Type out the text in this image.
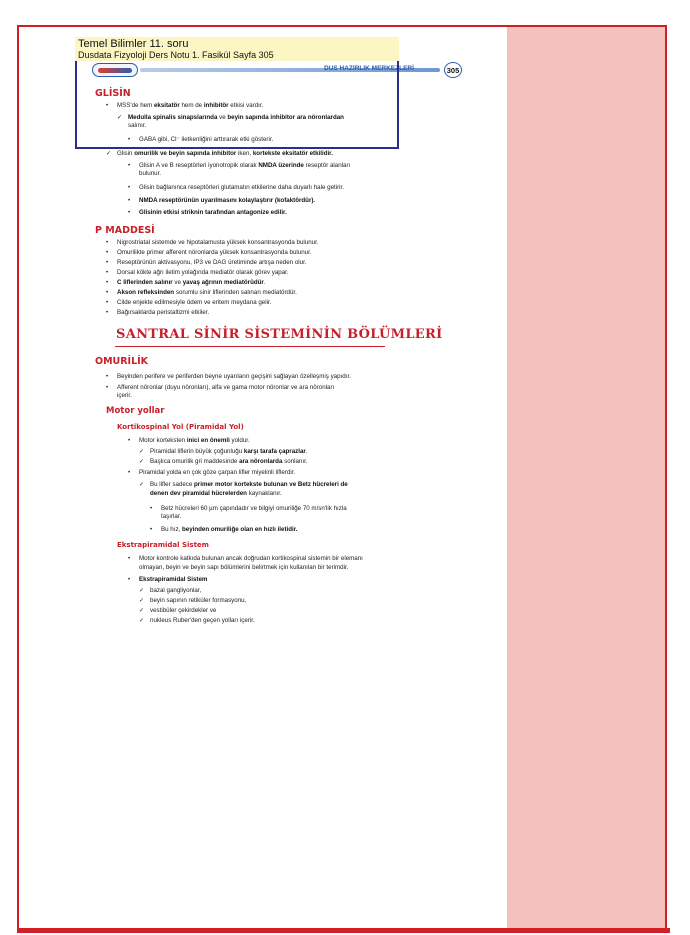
DUS HAZIRLIK MERKEZLERİ	305
GLİSİN
• MSS'de hem eksitatör hem de inhibitör etkisi vardır.
✓ Medulla spinalis sinapslarında ve beyin sapında inhibitor ara nöronlardan
salınır.
• GABA gibi, Cl⁻ iletkenliğini arttırarak etki gösterir.
✓ Glisin omurilik ve beyin sapında inhibitor iken, kortekste eksitatör etkilidir.
• Glisin A ve B reseptörleri iyonotropik olarak NMDA üzerinde reseptör alanları
bulunur.
• Glisin bağlanınca reseptörleri glutamatın etkilerine daha duyarlı hale getirir.
• NMDA reseptörünün uyarılmasını kolaylaştırır (kofaktördür).
• Glisinin etkisi striknin tarafından antagonize edilir.
P MADDESİ
• Nigrostriatal sistemde ve hipotalamusta yüksek konsantrasyonda bulunur.
• Omurilikte primer afferent nöronlarda yüksek konsantrasyonda bulunur.
• Reseptörünün aktivasyonu, IP3 ve DAG üretiminde artışa neden olur.
• Dorsal kökte ağrı iletim yolağında mediatör olarak görev yapar.
• C liflerinden salınır ve yavaş ağrının mediatörüdür.
• Akson refleksinden sorumlu sinir liflerinden salınan mediatördür.
• Cilde enjekte edilmesiyle ödem ve eritem meydana gelir.
• Bağırsaklarda peristaltizmi etkiler.
SANTRAL SİNİR SİSTEMİNİN BÖLÜMLERİ
OMURİLİK
• Beyinden perifere ve periferden beyne uyarıların geçişini sağlayan özelleşmiş yapıdır.
• Afferent nöronlar (duyu nöronları), alfa ve gama motor nöronlar ve ara nöronları
içerir.
Motor yollar
Kortikospinal Yol (Piramidal Yol)
• Motor korteksten inici en önemli yoldur.
✓ Piramidal liflerin büyük çoğunluğu karşı tarafa çaprazlar.
✓ Başlıca omurilik gri maddesinde ara nöronlarda sonlanır.
• Piramidal yolda en çok göze çarpan lifler miyelinli liflerdir.
✓ Bu lifler sadece primer motor kortekste bulunan ve Betz hücreleri de
denen dev piramidal hücrelerden kaynaklanır.
• Betz hücreleri 60 µm çapındadır ve bilgiyi omuriliğe 70 m/sn'lik hızla
taşırlar.
• Bu hız, beyinden omuriliğe olan en hızlı iletidir.
Ekstrapiramidal Sistem
• Motor kontrole katkıda bulunan ancak doğrudan kortikospinal sistemin bir elemanı
olmayan, beyin ve beyin sapı bölümlerini belirtmek için kullanılan bir terimdir.
• Ekstrapiramidal Sistem
✓ bazal gangliyonlar,
✓ beyin sapının retiküler formasyonu,
✓ vestibüler çekirdekler ve
✓ nukleus Ruber'den geçen yolları içerir.
Temel Bilimler 11. soru
Dusdata Fizyoloji Ders Notu 1. Fasikül Sayfa 305
